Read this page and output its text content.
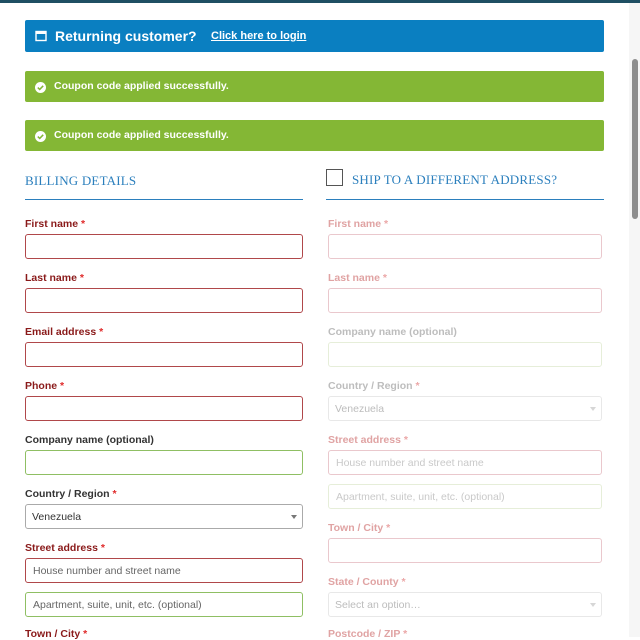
Returning customer? Click here to login
Coupon code applied successfully.
Coupon code applied successfully.
BILLING DETAILS	SHIP TO A DIFFERENT ADDRESS?
First name *
Last name *
Email address *
Phone *
Company name (optional)
Country / Region *
Venezuela
Street address *
House number and street name
Apartment, suite, unit, etc. (optional)
Town / City *
First name *
Last name *
Company name (optional)
Country / Region *
Venezuela
Street address *
House number and street name
Apartment, suite, unit, etc. (optional)
Town / City *
State / County *
Select an option…
Postcode / ZIP *
